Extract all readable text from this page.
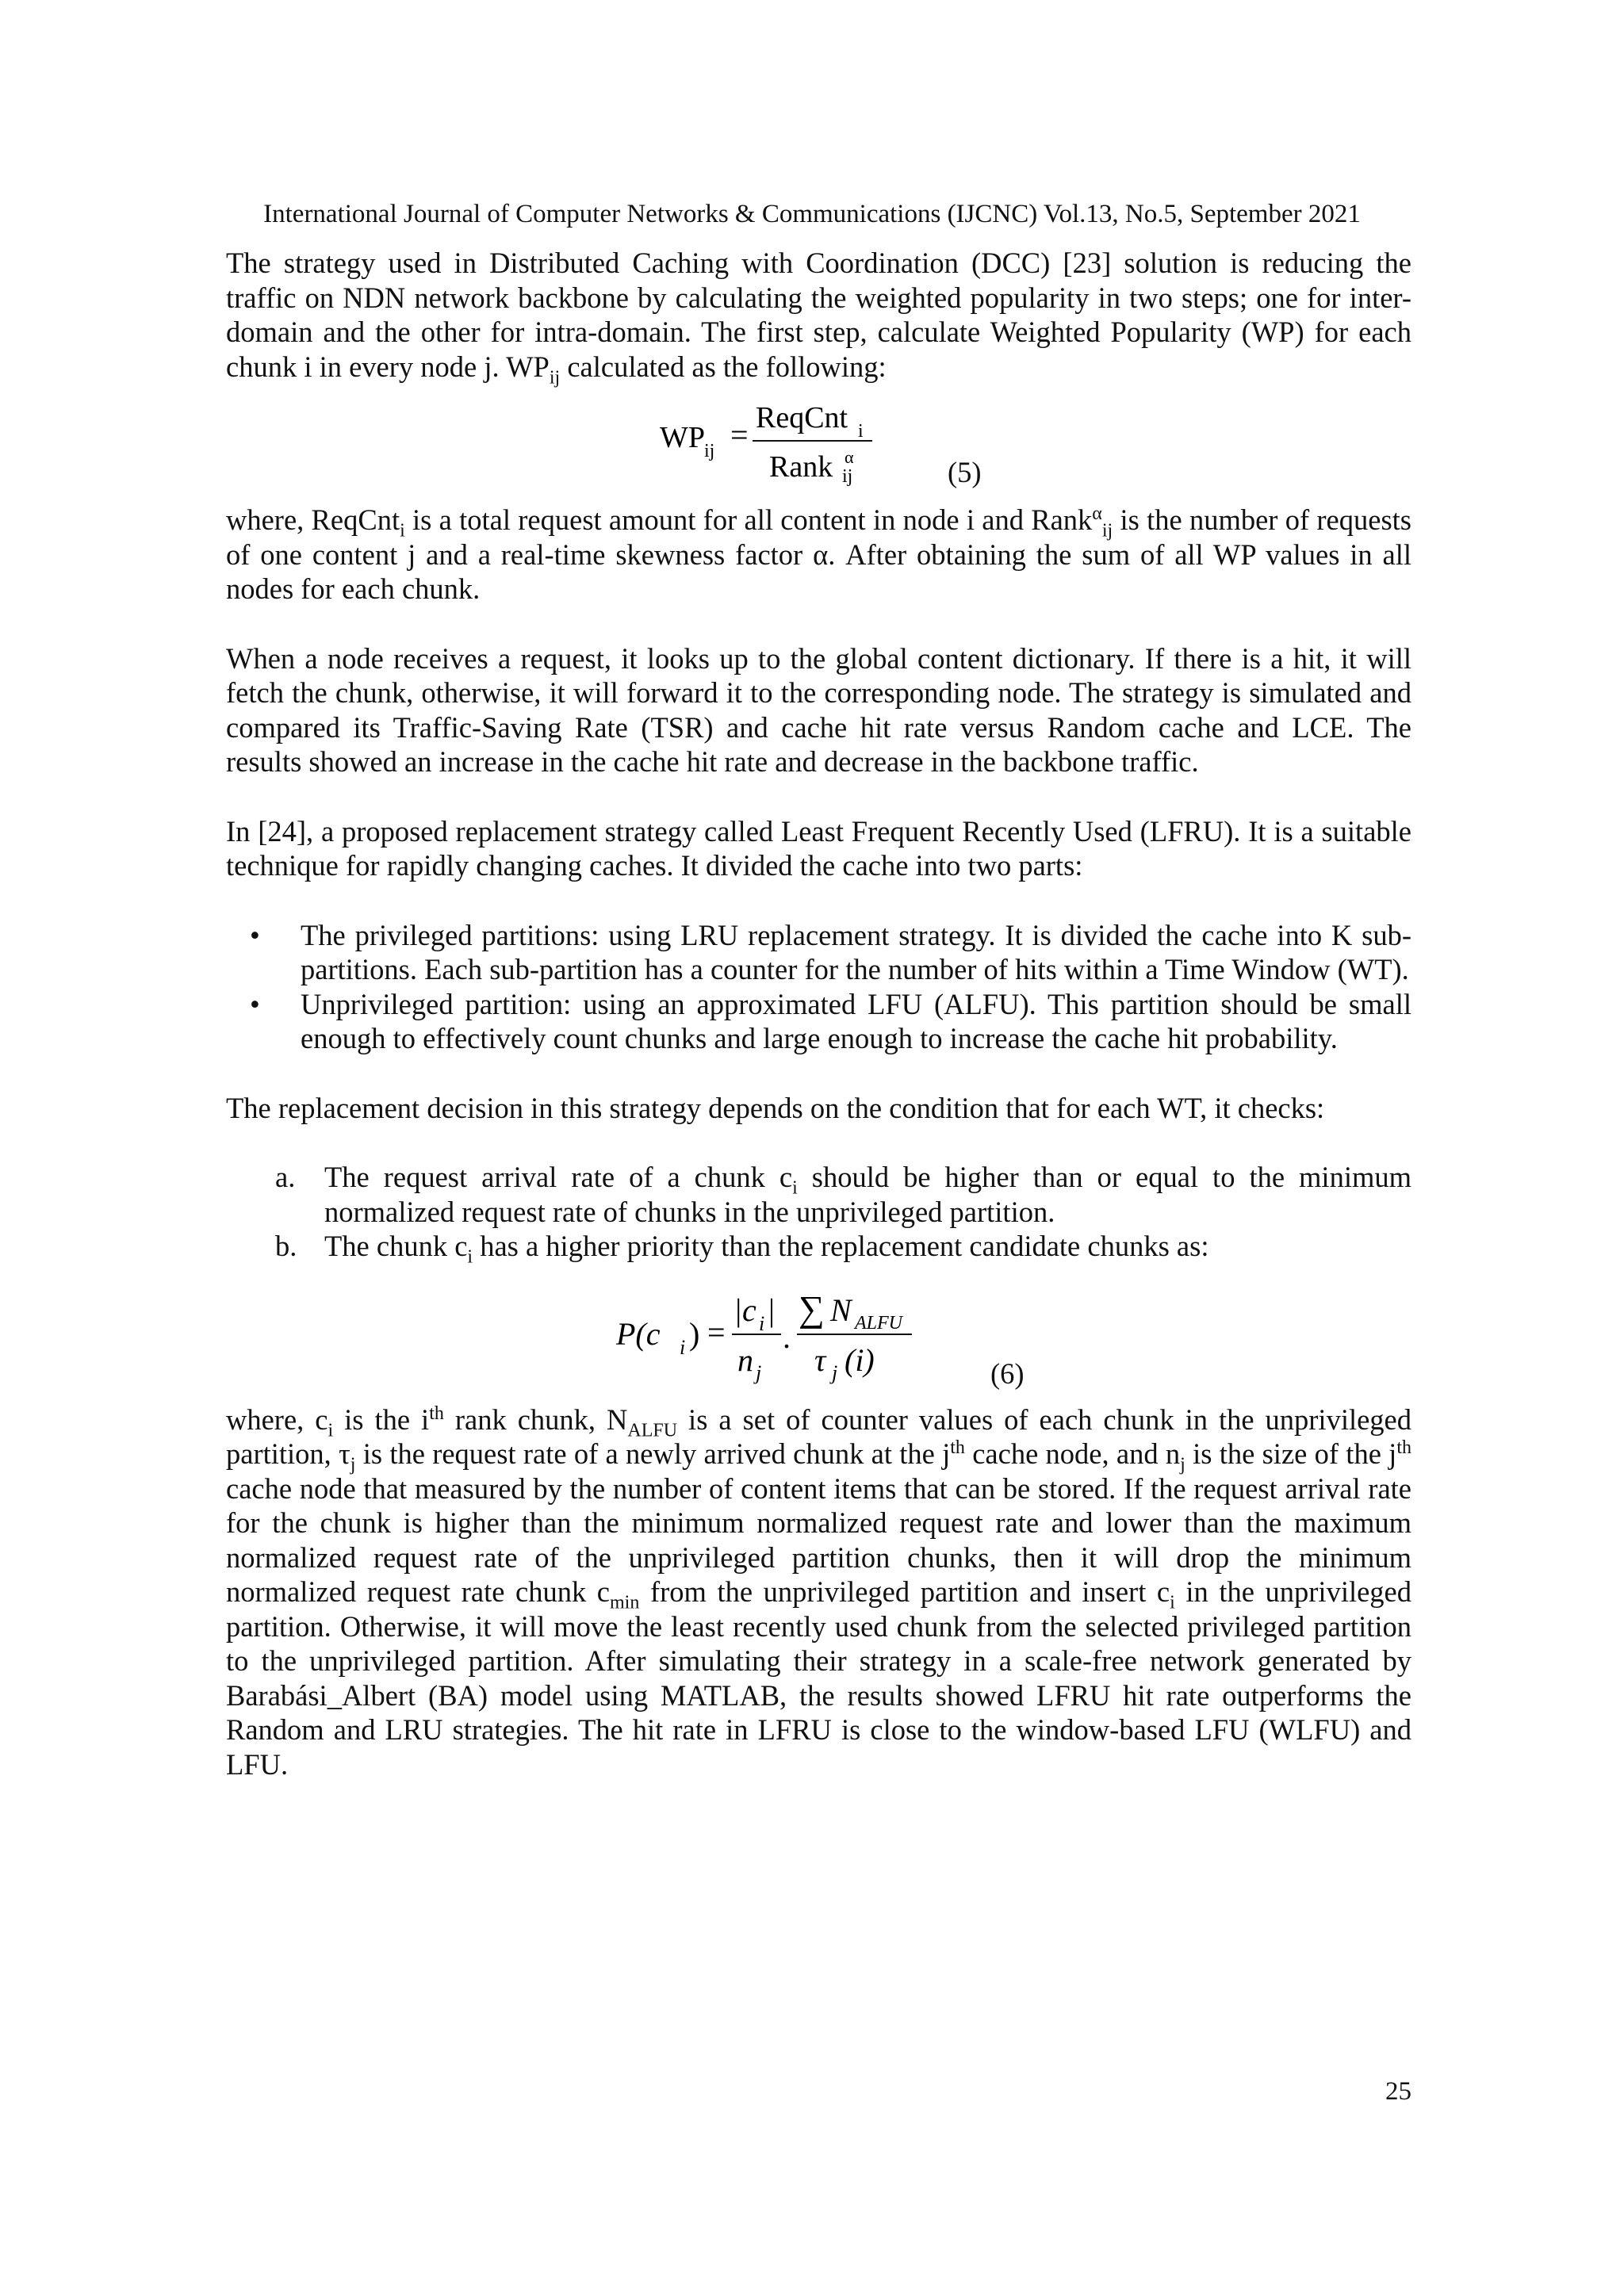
International Journal of Computer Networks & Communications (IJCNC) Vol.13, No.5, September 2021

The strategy used in Distributed Caching with Coordination (DCC) [23] solution is reducing the traffic on NDN network backbone by calculating the weighted popularity in two steps; one for inter-domain and the other for intra-domain. The first step, calculate Weighted Popularity (WP) for each chunk i in every node j. $WP_{ij}$ calculated as the following:

WP ij = ReqCnt i
Rank α
ij	(5)

where, ReqCnt$_i$ is a total request amount for all content in node i and Rank$^\alpha_{ij}$ is the number of requests of one content j and a real-time skewness factor α. After obtaining the sum of all WP values in all nodes for each chunk.

When a node receives a request, it looks up to the global content dictionary. If there is a hit, it will fetch the chunk, otherwise, it will forward it to the corresponding node. The strategy is simulated and compared its Traffic-Saving Rate (TSR) and cache hit rate versus Random cache and LCE. The results showed an increase in the cache hit rate and decrease in the backbone traffic.

In [24], a proposed replacement strategy called Least Frequent Recently Used (LFRU). It is a suitable technique for rapidly changing caches. It divided the cache into two parts:

• The privileged partitions: using LRU replacement strategy. It is divided the cache into K sub-partitions. Each sub-partition has a counter for the number of hits within a Time Window (WT).
• Unprivileged partition: using an approximated LFU (ALFU). This partition should be small enough to effectively count chunks and large enough to increase the cache hit probability.

The replacement decision in this strategy depends on the condition that for each WT, it checks:

a. The request arrival rate of a chunk $c_i$ should be higher than or equal to the minimum normalized request rate of chunks in the unprivileged partition.
b. The chunk $c_i$ has a higher priority than the replacement candidate chunks as:
P(c i ) =
|c i |
n j
.
∑ N ALFU
τ j (i)	(6)

where, $c_i$ is the $i^{th}$ rank chunk, $N_{ALFU}$ is a set of counter values of each chunk in the unprivileged partition, $\tau_j$ is the request rate of a newly arrived chunk at the $j^{th}$ cache node, and $n_j$ is the size of the $j^{th}$ cache node that measured by the number of content items that can be stored. If the request arrival rate for the chunk is higher than the minimum normalized request rate and lower than the maximum normalized request rate of the unprivileged partition chunks, then it will drop the minimum normalized request rate chunk $c_{min}$ from the unprivileged partition and insert $c_i$ in the unprivileged partition. Otherwise, it will move the least recently used chunk from the selected privileged partition to the unprivileged partition. After simulating their strategy in a scale-free network generated by Barabási_Albert (BA) model using MATLAB, the results showed LFRU hit rate outperforms the Random and LRU strategies. The hit rate in LFRU is close to the window-based LFU (WLFU) and LFU.

25
